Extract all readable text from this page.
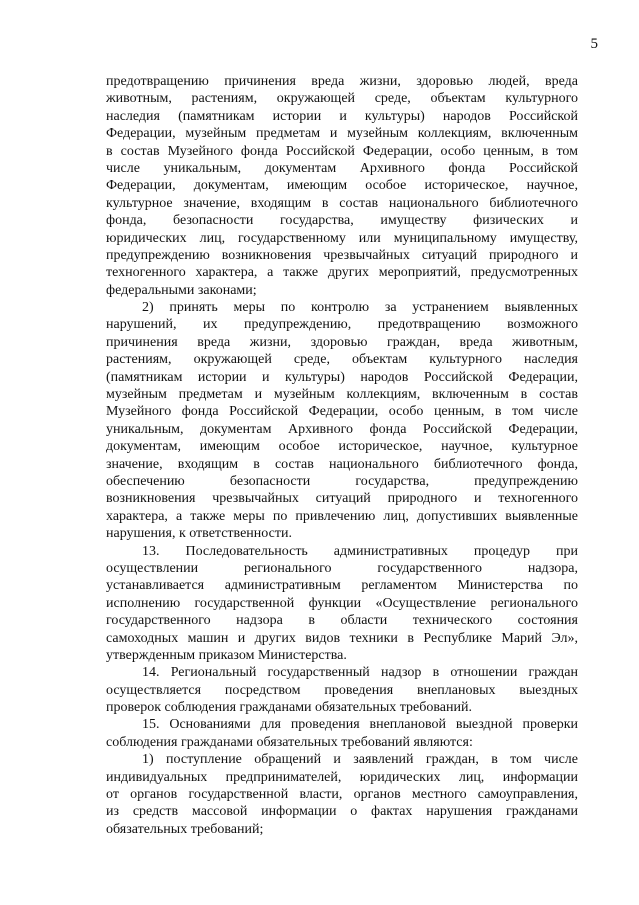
5
предотвращению причинения вреда жизни, здоровью людей, вреда
животным, растениям, окружающей среде, объектам культурного
наследия (памятникам истории и культуры) народов Российской
Федерации, музейным предметам и музейным коллекциям, включенным
в состав Музейного фонда Российской Федерации, особо ценным, в том
числе уникальным, документам Архивного фонда Российской
Федерации, документам, имеющим особое историческое, научное,
культурное значение, входящим в состав национального библиотечного
фонда, безопасности государства, имуществу физических и
юридических лиц, государственному или муниципальному имуществу,
предупреждению возникновения чрезвычайных ситуаций природного и
техногенного характера, а также других мероприятий, предусмотренных
федеральными законами;
2) принять меры по контролю за устранением выявленных
нарушений, их предупреждению, предотвращению возможного
причинения вреда жизни, здоровью граждан, вреда животным,
растениям, окружающей среде, объектам культурного наследия
(памятникам истории и культуры) народов Российской Федерации,
музейным предметам и музейным коллекциям, включенным в состав
Музейного фонда Российской Федерации, особо ценным, в том числе
уникальным, документам Архивного фонда Российской Федерации,
документам, имеющим особое историческое, научное, культурное
значение, входящим в состав национального библиотечного фонда,
обеспечению безопасности государства, предупреждению
возникновения чрезвычайных ситуаций природного и техногенного
характера, а также меры по привлечению лиц, допустивших выявленные
нарушения, к ответственности.
13. Последовательность административных процедур при
осуществлении регионального государственного надзора,
устанавливается административным регламентом Министерства по
исполнению государственной функции «Осуществление регионального
государственного надзора в области технического состояния
самоходных машин и других видов техники в Республике Марий Эл»,
утвержденным приказом Министерства.
14. Региональный государственный надзор в отношении граждан
осуществляется посредством проведения внеплановых выездных
проверок соблюдения гражданами обязательных требований.
15. Основаниями для проведения внеплановой выездной проверки
соблюдения гражданами обязательных требований являются:
1) поступление обращений и заявлений граждан, в том числе
индивидуальных предпринимателей, юридических лиц, информации
от органов государственной власти, органов местного самоуправления,
из средств массовой информации о фактах нарушения гражданами
обязательных требований;
